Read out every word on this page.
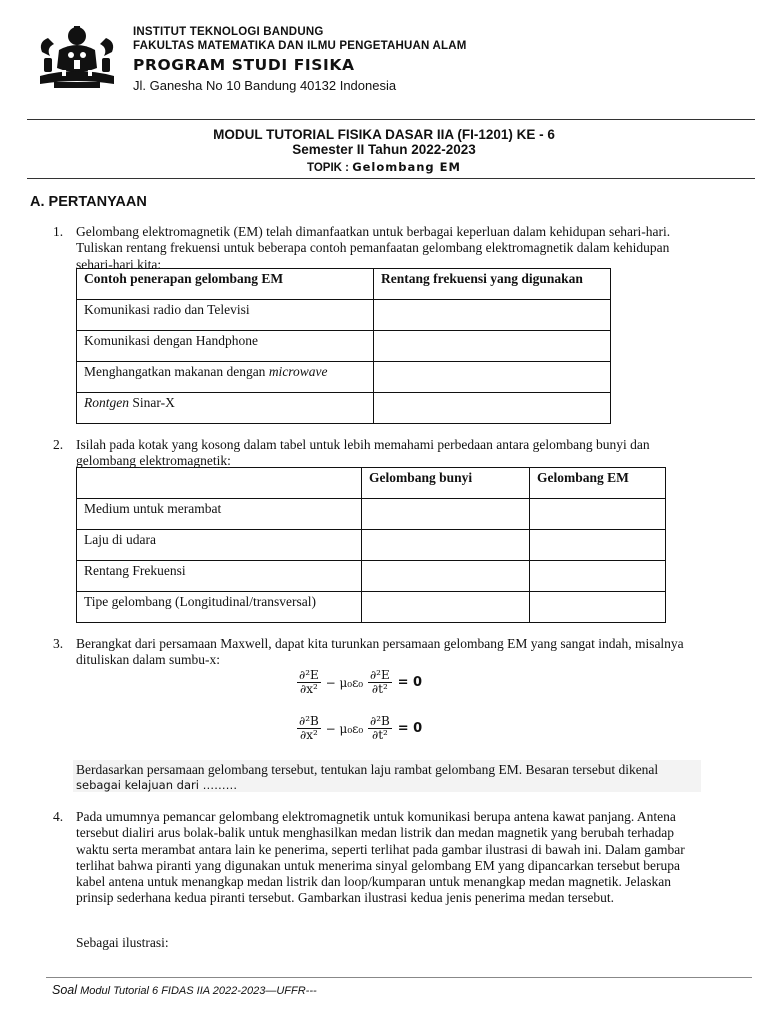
INSTITUT TEKNOLOGI BANDUNG
FAKULTAS MATEMATIKA DAN ILMU PENGETAHUAN ALAM
PROGRAM STUDI FISIKA
Jl. Ganesha No 10 Bandung 40132 Indonesia
MODUL TUTORIAL FISIKA DASAR IIA (FI-1201) KE - 6
Semester II Tahun 2022-2023
TOPIK : Gelombang EM
A. PERTANYAAN
1. Gelombang elektromagnetik (EM) telah dimanfaatkan untuk berbagai keperluan dalam kehidupan sehari-hari. Tuliskan rentang frekuensi untuk beberapa contoh pemanfaatan gelombang elektromagnetik dalam kehidupan sehari-hari kita:
Contoh penerapan gelombang EM	Rentang frekuensi yang digunakan
Komunikasi radio dan Televisi	
Komunikasi dengan Handphone	
Menghangatkan makanan dengan microwave	
Rontgen Sinar-X	
2. Isilah pada kotak yang kosong dalam tabel untuk lebih memahami perbedaan antara gelombang bunyi dan gelombang elektromagnetik:
	Gelombang bunyi	Gelombang EM
Medium untuk merambat		
Laju di udara		
Rentang Frekuensi		
Tipe gelombang (Longitudinal/transversal)		
3. Berangkat dari persamaan Maxwell, dapat kita turunkan persamaan gelombang EM yang sangat indah, misalnya dituliskan dalam sumbu-x:
$\frac{\text{∂²E}}{\text{∂x²}} - \mu_0\varepsilon_0 \frac{\text{∂²E}}{\text{∂t²}} = 0$
$\frac{\text{∂²B}}{\text{∂x²}} - \mu_0\varepsilon_0 \frac{\text{∂²B}}{\text{∂t²}} = 0$
Berdasarkan persamaan gelombang tersebut, tentukan laju rambat gelombang EM. Besaran tersebut dikenal
sebagai kelajuan dari ………
4. Pada umumnya pemancar gelombang elektromagnetik untuk komunikasi berupa antena kawat panjang. Antena tersebut dialiri arus bolak-balik untuk menghasilkan medan listrik dan medan magnetik yang berubah terhadap waktu serta merambat antara lain ke penerima, seperti terlihat pada gambar ilustrasi di bawah ini. Dalam gambar terlihat bahwa piranti yang digunakan untuk menerima sinyal gelombang EM yang dipancarkan tersebut berupa kabel antena untuk menangkap medan listrik dan loop/kumparan untuk menangkap medan magnetik. Jelaskan prinsip sederhana kedua piranti tersebut. Gambarkan ilustrasi kedua jenis penerima medan tersebut.
Sebagai ilustrasi:
Soal Modul Tutorial 6 FIDAS IIA 2022-2023—UFFR---
